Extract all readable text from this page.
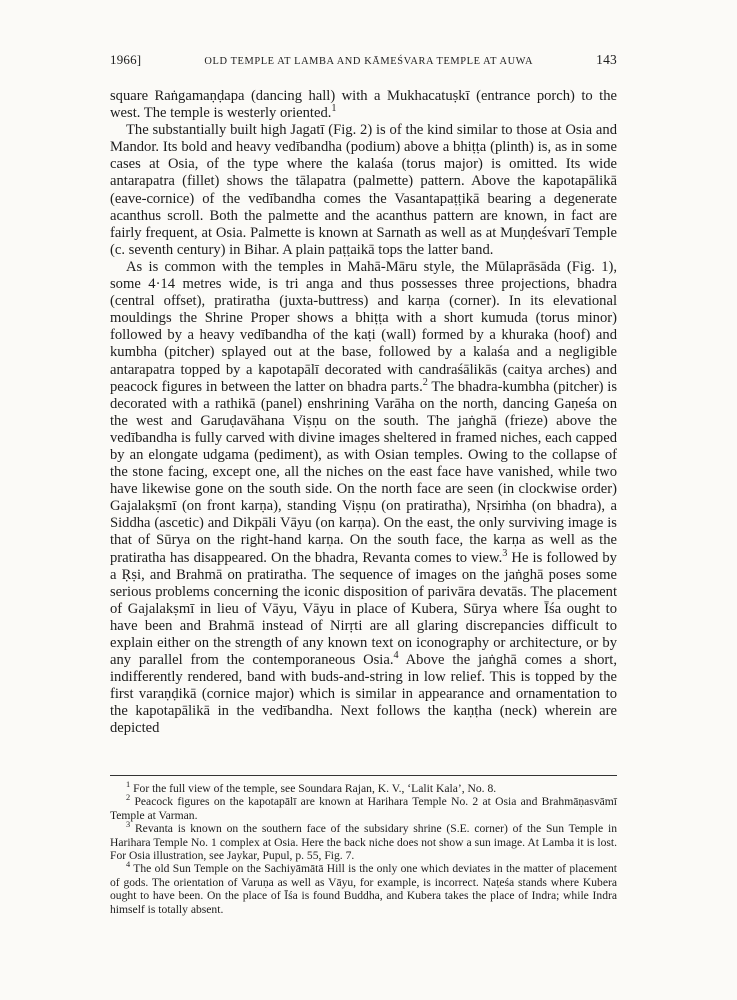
1966]	OLD TEMPLE AT LAMBA AND KĀMEŚVARA TEMPLE AT AUWA	143

square Raṅgamaṇḍapa (dancing hall) with a Mukhacatuṣkī (entrance porch) to the west. The temple is westerly oriented.$^1$

The substantially built high Jagatī (Fig. 2) is of the kind similar to those at Osia and Mandor. Its bold and heavy vedībandha (podium) above a bhiṭṭa (plinth) is, as in some cases at Osia, of the type where the kalaśa (torus major) is omitted. Its wide antarapatra (fillet) shows the tālapatra (palmette) pattern. Above the kapotapālikā (eave-cornice) of the vedībandha comes the Vasantapaṭṭikā bearing a degenerate acanthus scroll. Both the palmette and the acanthus pattern are known, in fact are fairly frequent, at Osia. Palmette is known at Sarnath as well as at Muṇḍeśvarī Temple (c. seventh century) in Bihar. A plain paṭṭaikā tops the latter band.

As is common with the temples in Mahā-Māru style, the Mūlaprāsāda (Fig. 1), some 4·14 metres wide, is tri anga and thus possesses three projections, bhadra (central offset), pratiratha (juxta-buttress) and karṇa (corner). In its elevational mouldings the Shrine Proper shows a bhiṭṭa with a short kumuda (torus minor) followed by a heavy vedībandha of the kaṭi (wall) formed by a khuraka (hoof) and kumbha (pitcher) splayed out at the base, followed by a kalaśa and a negligible antarapatra topped by a kapotapālī decorated with candraśālikās (caitya arches) and peacock figures in between the latter on bhadra parts.$^2$ The bhadra-kumbha (pitcher) is decorated with a rathikā (panel) enshrining Varāha on the north, dancing Gaṇeśa on the west and Garuḍavāhana Viṣṇu on the south. The jaṅghā (frieze) above the vedībandha is fully carved with divine images sheltered in framed niches, each capped by an elongate udgama (pediment), as with Osian temples. Owing to the collapse of the stone facing, except one, all the niches on the east face have vanished, while two have likewise gone on the south side. On the north face are seen (in clockwise order) Gajalakṣmī (on front karṇa), standing Viṣṇu (on pratiratha), Nṛsiṁha (on bhadra), a Siddha (ascetic) and Dikpāli Vāyu (on karṇa). On the east, the only surviving image is that of Sūrya on the right-hand karṇa. On the south face, the karṇa as well as the pratiratha has disappeared. On the bhadra, Revanta comes to view.$^3$ He is followed by a Ṛṣi, and Brahmā on pratiratha. The sequence of images on the jaṅghā poses some serious problems concerning the iconic disposition of parivāra devatās. The placement of Gajalakṣmī in lieu of Vāyu, Vāyu in place of Kubera, Sūrya where Īśa ought to have been and Brahmā instead of Nirṛti are all glaring discrepancies difficult to explain either on the strength of any known text on iconography or architecture, or by any parallel from the contemporaneous Osia.$^4$ Above the jaṅghā comes a short, indifferently rendered, band with buds-and-string in low relief. This is topped by the first varaṇḍikā (cornice major) which is similar in appearance and ornamentation to the kapotapālikā in the vedībandha. Next follows the kaṇṭha (neck) wherein are depicted

$^1$ For the full view of the temple, see Soundara Rajan, K. V., ‘Lalit Kala’, No. 8.

$^2$ Peacock figures on the kapotapālī are known at Harihara Temple No. 2 at Osia and Brahmāṇasvāmī Temple at Varman.

$^3$ Revanta is known on the southern face of the subsidary shrine (S.E. corner) of the Sun Temple in Harihara Temple No. 1 complex at Osia. Here the back niche does not show a sun image. At Lamba it is lost. For Osia illustration, see Jaykar, Pupul, p. 55, Fig. 7.

$^4$ The old Sun Temple on the Sachiyāmātā Hill is the only one which deviates in the matter of placement of gods. The orientation of Varuṇa as well as Vāyu, for example, is incorrect. Naṭeśa stands where Kubera ought to have been. On the place of Īśa is found Buddha, and Kubera takes the place of Indra; while Indra himself is totally absent.
